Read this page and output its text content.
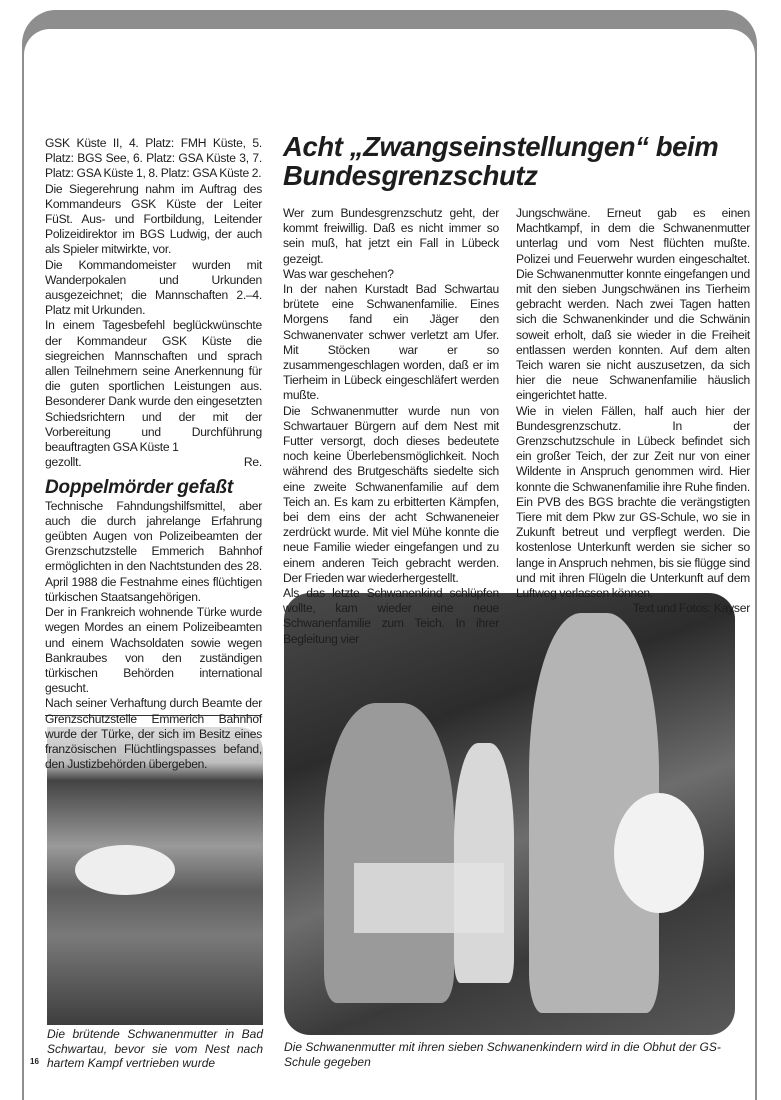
GSK Küste II, 4. Platz: FMH Küste, 5. Platz: BGS See, 6. Platz: GSA Küste 3, 7. Platz: GSA Küste 1, 8. Platz: GSA Küste 2.

Die Siegerehrung nahm im Auftrag des Kommandeurs GSK Küste der Leiter FüSt. Aus- und Fortbildung, Leitender Polizeidirektor im BGS Ludwig, der auch als Spieler mitwirkte, vor.

Die Kommandomeister wurden mit Wanderpokalen und Urkunden ausgezeichnet; die Mannschaften 2.–4. Platz mit Urkunden.

In einem Tagesbefehl beglückwünschte der Kommandeur GSK Küste die siegreichen Mannschaften und sprach allen Teilnehmern seine Anerkennung für die guten sportlichen Leistungen aus. Besonderer Dank wurde den eingesetzten Schiedsrichtern und der mit der Vorbereitung und Durchführung beauftragten GSA Küste 1

gezollt.	Re.
Doppelmörder gefaßt

Technische Fahndungshilfsmittel, aber auch die durch jahrelange Erfahrung geübten Augen von Polizeibeamten der Grenzschutzstelle Emmerich Bahnhof ermöglichten in den Nachtstunden des 28. April 1988 die Festnahme eines flüchtigen türkischen Staatsangehörigen.

Der in Frankreich wohnende Türke wurde wegen Mordes an einem Polizeibeamten und einem Wachsoldaten sowie wegen Bankraubes von den zuständigen türkischen Behörden international gesucht.

Nach seiner Verhaftung durch Beamte der Grenzschutzstelle Emmerich Bahnhof wurde der Türke, der sich im Besitz eines französischen Flüchtlingspasses befand, den Justizbehörden übergeben.

Acht „Zwangseinstellungen“ beim Bundesgrenzschutz

Wer zum Bundesgrenzschutz geht, der kommt freiwillig. Daß es nicht immer so sein muß, hat jetzt ein Fall in Lübeck gezeigt.

Was war geschehen?

In der nahen Kurstadt Bad Schwartau brütete eine Schwanenfamilie. Eines Morgens fand ein Jäger den Schwanenvater schwer verletzt am Ufer. Mit Stöcken war er so zusammengeschlagen worden, daß er im Tierheim in Lübeck eingeschläfert werden mußte.

Die Schwanenmutter wurde nun von Schwartauer Bürgern auf dem Nest mit Futter versorgt, doch dieses bedeutete noch keine Überlebensmöglichkeit. Noch während des Brutgeschäfts siedelte sich eine zweite Schwanenfamilie auf dem Teich an. Es kam zu erbitterten Kämpfen, bei dem eins der acht Schwaneneier zerdrückt wurde. Mit viel Mühe konnte die neue Familie wieder eingefangen und zu einem anderen Teich gebracht werden. Der Frieden war wiederhergestellt.

Als das letzte Schwanenkind schlüpfen wollte, kam wieder eine neue Schwanenfamilie zum Teich. In ihrer Begleitung vier

Jungschwäne. Erneut gab es einen Machtkampf, in dem die Schwanenmutter unterlag und vom Nest flüchten mußte. Polizei und Feuerwehr wurden eingeschaltet. Die Schwanenmutter konnte eingefangen und mit den sieben Jungschwänen ins Tierheim gebracht werden. Nach zwei Tagen hatten sich die Schwanenkinder und die Schwänin soweit erholt, daß sie wieder in die Freiheit entlassen werden konnten. Auf dem alten Teich waren sie nicht auszusetzen, da sich hier die neue Schwanenfamilie häuslich eingerichtet hatte.

Wie in vielen Fällen, half auch hier der Bundesgrenzschutz. In der Grenzschutzschule in Lübeck befindet sich ein großer Teich, der zur Zeit nur von einer Wildente in Anspruch genommen wird. Hier konnte die Schwanenfamilie ihre Ruhe finden. Ein PVB des BGS brachte die verängstigten Tiere mit dem Pkw zur GS-Schule, wo sie in Zukunft betreut und verpflegt werden. Die kostenlose Unterkunft werden sie sicher so lange in Anspruch nehmen, bis sie flügge sind und mit ihren Flügeln die Unterkunft auf dem Luftweg verlassen können.

Text und Fotos: Kayser

Die brütende Schwanenmutter in Bad Schwartau, bevor sie vom Nest nach hartem Kampf vertrieben wurde
Die Schwanenmutter mit ihren sieben Schwanenkindern wird in die Obhut der GS-Schule gegeben
16
